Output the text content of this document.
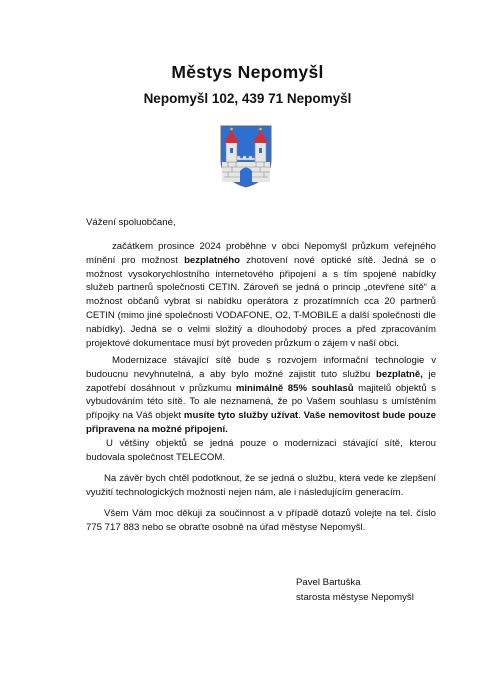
Městys Nepomyšl
Nepomyšl 102, 439 71 Nepomyšl
Vážení spoluobčané,
začátkem prosince 2024 proběhne v obci Nepomyšl průzkum veřejného mínění pro možnost bezplatného zhotovení nové optické sítě. Jedná se o možnost vysokorychlostního internetového připojení a s tím spojené nabídky služeb partnerů společnosti CETIN. Zároveň se jedná o princip „otevřené sítě“ a možnost občanů vybrat si nabídku operátora z prozatímních cca 20 partnerů CETIN (mimo jiné společnosti VODAFONE, O2, T-MOBILE a další společnosti dle nabídky). Jedná se o velmi složitý a dlouhodobý proces a před zpracováním projektové dokumentace musí být proveden průzkum o zájem v naší obci.
Modernizace stávající sítě bude s rozvojem informační technologie v budoucnu nevyhnutelná, a aby bylo možné zajistit tuto službu bezplatně, je zapotřebí dosáhnout v průzkumu minimálně 85% souhlasů majitelů objektů s vybudováním této sítě. To ale neznamená, že po Vašem souhlasu s umístěním přípojky na Váš objekt musíte tyto služby užívat. Vaše nemovitost bude pouze připravena na možné připojení.
U většiny objektů se jedná pouze o modernizaci stávající sítě, kterou budovala společnost TELECOM.
Na závěr bych chtěl podotknout, že se jedná o službu, která vede ke zlepšení využití technologických možností nejen nám, ale i následujícím generacím.
Všem Vám moc děkuji za součinnost a v případě dotazů volejte na tel. číslo 775 717 883 nebo se obraťte osobně na úřad městyse Nepomyšl.
Pavel Bartuška
starosta městyse Nepomyšl
